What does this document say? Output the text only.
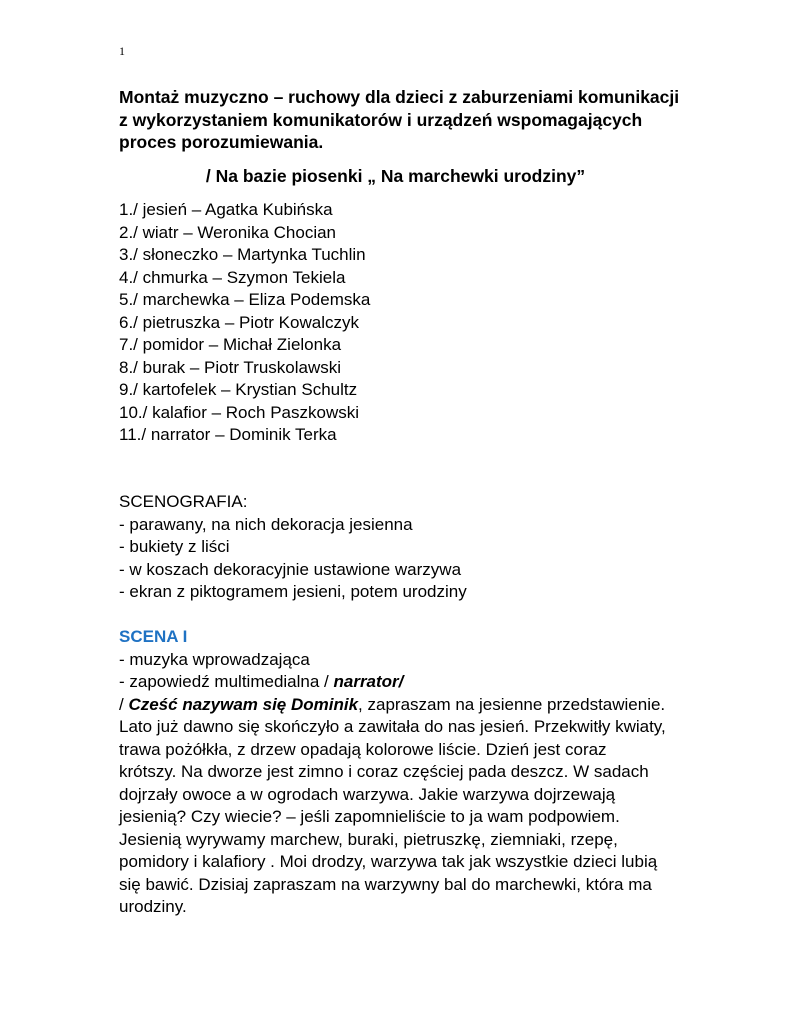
1
Montaż muzyczno – ruchowy dla dzieci z zaburzeniami komunikacji
z wykorzystaniem komunikatorów i urządzeń wspomagających
proces porozumiewania.
/ Na bazie piosenki „ Na marchewki urodziny”
1./ jesień – Agatka Kubińska
2./ wiatr – Weronika Chocian
3./ słoneczko – Martynka Tuchlin
4./ chmurka – Szymon Tekiela
5./ marchewka – Eliza Podemska
6./ pietruszka – Piotr Kowalczyk
7./ pomidor – Michał Zielonka
8./ burak – Piotr Truskolawski
9./ kartofelek – Krystian Schultz
10./ kalafior – Roch Paszkowski
11./ narrator – Dominik Terka
SCENOGRAFIA:
- parawany, na nich dekoracja jesienna
- bukiety z liści
- w koszach dekoracyjnie ustawione warzywa
- ekran z piktogramem jesieni, potem urodziny
SCENA I
- muzyka wprowadzająca
- zapowiedź multimedialna / narrator/
/ Cześć nazywam się Dominik, zapraszam na jesienne przedstawienie.
Lato już dawno się skończyło a zawitała do nas jesień. Przekwitły kwiaty,
trawa pożółkła, z drzew opadają kolorowe liście. Dzień jest coraz
krótszy. Na dworze jest zimno i coraz częściej pada deszcz. W sadach
dojrzały owoce a w ogrodach warzywa. Jakie warzywa dojrzewają
jesienią? Czy wiecie? – jeśli zapomnieliście to ja wam podpowiem.
Jesienią wyrywamy marchew, buraki, pietruszkę, ziemniaki, rzepę,
pomidory i kalafiory . Moi drodzy, warzywa tak jak wszystkie dzieci lubią
się bawić. Dzisiaj zapraszam na warzywny bal do marchewki, która ma
urodziny.
